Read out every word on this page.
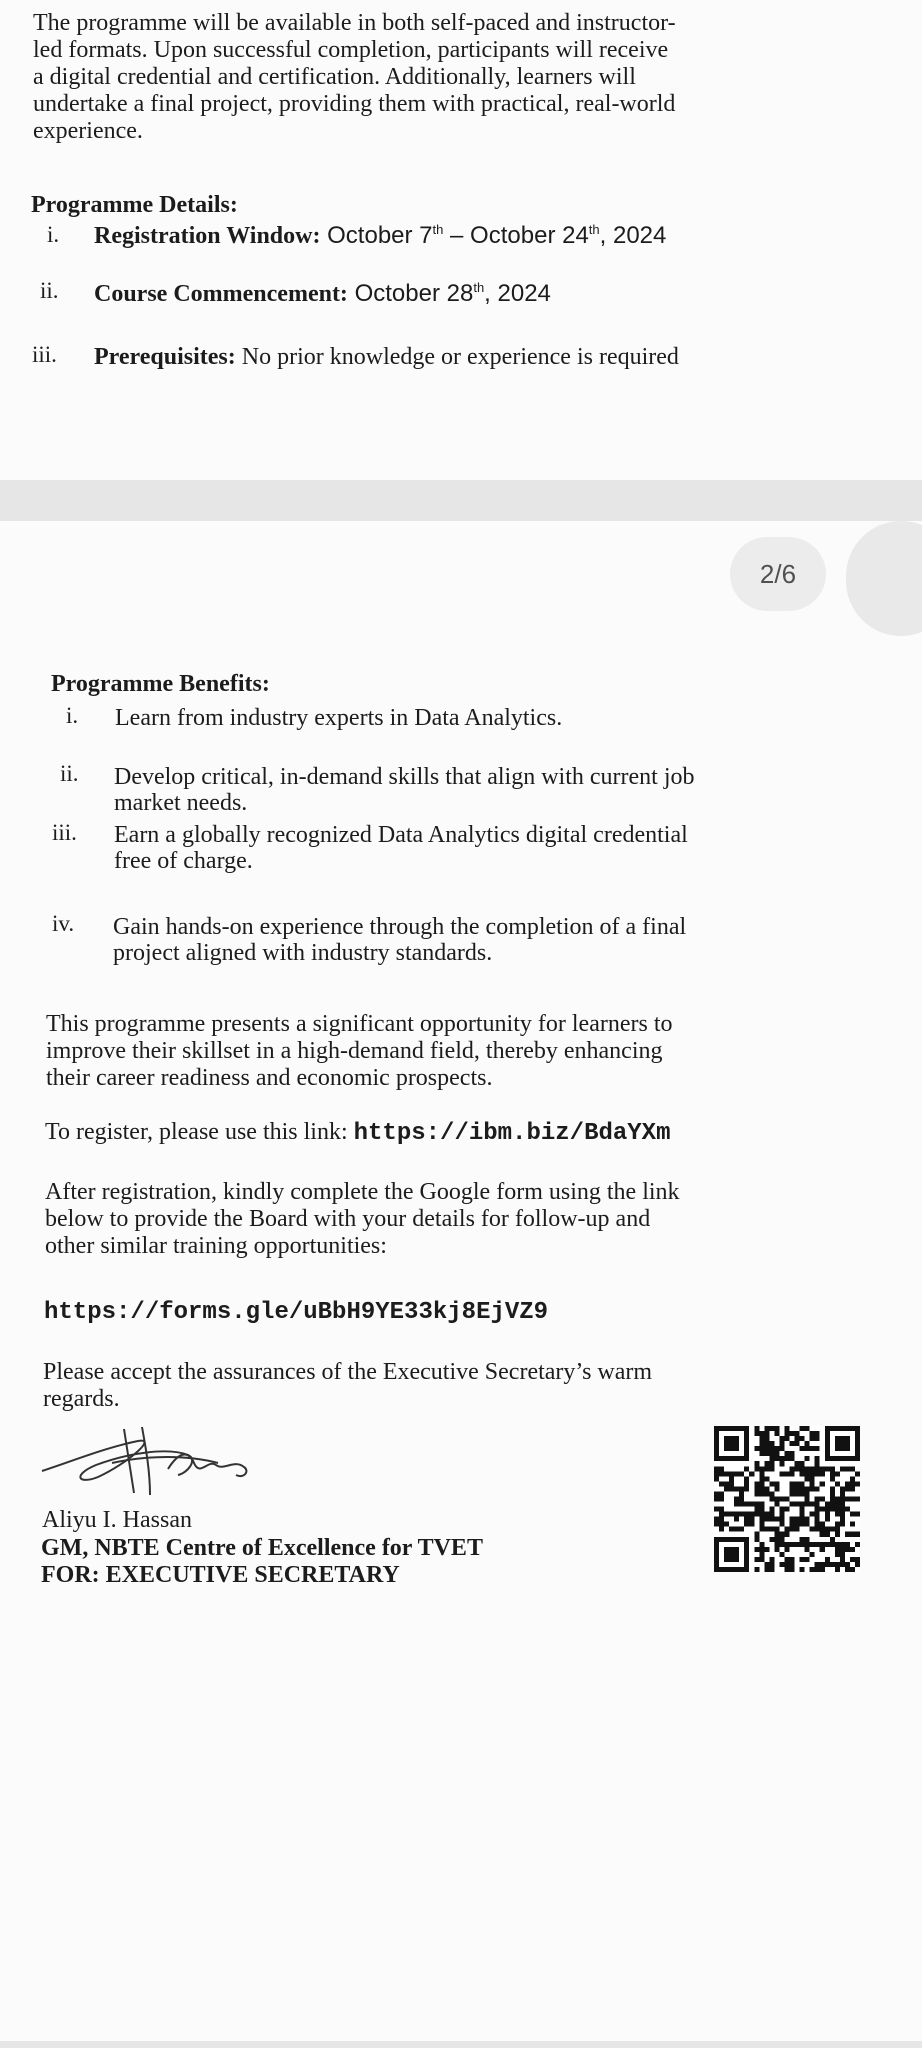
The programme will be available in both self-paced and instructor-
led formats. Upon successful completion, participants will receive
a digital credential and certification. Additionally, learners will
undertake a final project, providing them with practical, real-world
experience.
Programme Details:
i. Registration Window: October 7th – October 24th, 2024
ii. Course Commencement: October 28th, 2024
iii. Prerequisites: No prior knowledge or experience is required
2/6
Programme Benefits:
i. Learn from industry experts in Data Analytics.
ii. Develop critical, in-demand skills that align with current job
market needs.
iii. Earn a globally recognized Data Analytics digital credential
free of charge.
iv. Gain hands-on experience through the completion of a final
project aligned with industry standards.
This programme presents a significant opportunity for learners to
improve their skillset in a high-demand field, thereby enhancing
their career readiness and economic prospects.
To register, please use this link: https://ibm.biz/BdaYXm
After registration, kindly complete the Google form using the link
below to provide the Board with your details for follow-up and
other similar training opportunities:
https://forms.gle/uBbH9YE33kj8EjVZ9
Please accept the assurances of the Executive Secretary’s warm
regards.
Aliyu I. Hassan
GM, NBTE Centre of Excellence for TVET
FOR: EXECUTIVE SECRETARY
